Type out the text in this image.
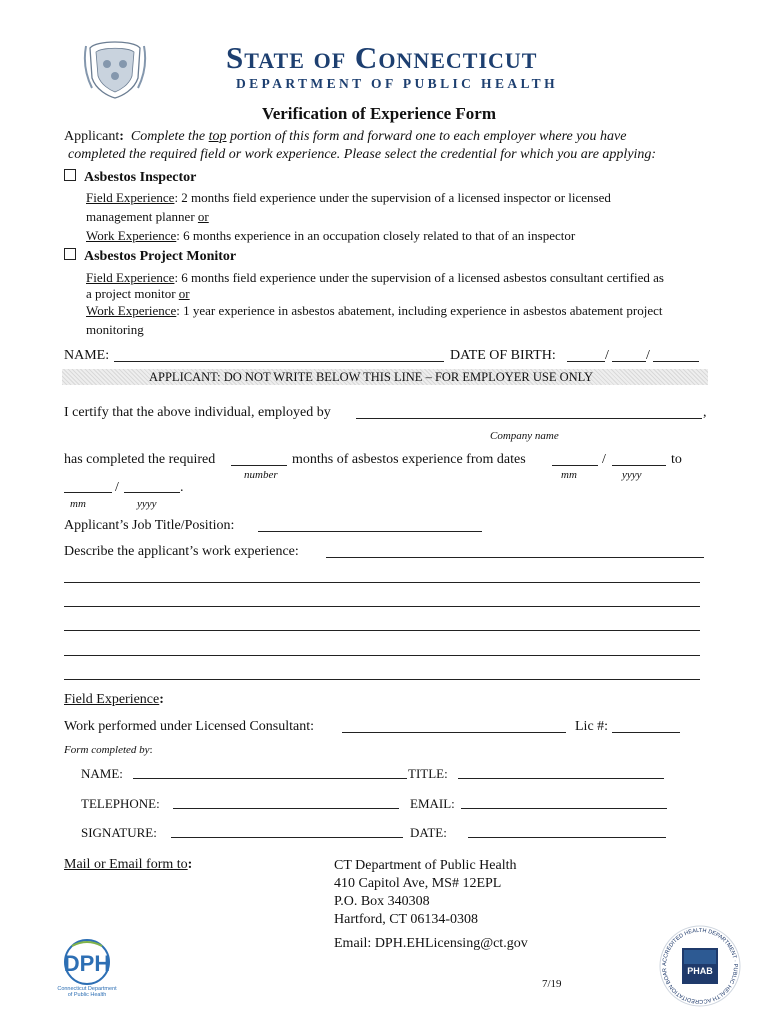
State of Connecticut
DEPARTMENT OF PUBLIC HEALTH
Verification of Experience Form
Applicant: Complete the top portion of this form and forward one to each employer where you have
completed the required field or work experience. Please select the credential for which you are applying:
Asbestos Inspector
Field Experience: 2 months field experience under the supervision of a licensed inspector or licensed
management planner or
Work Experience: 6 months experience in an occupation closely related to that of an inspector
Asbestos Project Monitor
Field Experience: 6 months field experience under the supervision of a licensed asbestos consultant certified as
a project monitor or
Work Experience: 1 year experience in asbestos abatement, including experience in asbestos abatement project
monitoring
NAME:	DATE OF BIRTH:	/	/
APPLICANT: DO NOT WRITE BELOW THIS LINE – FOR EMPLOYER USE ONLY
I certify that the above individual, employed by	,
Company name
has completed the required	months of asbestos experience from dates	/	to
number	mm	yyyy
/	.
mm	yyyy
Applicant’s Job Title/Position:
Describe the applicant’s work experience:
Field Experience:
Work performed under Licensed Consultant:	Lic #:
Form completed by:
NAME:	TITLE:
TELEPHONE:	EMAIL:
SIGNATURE:	DATE:
Mail or Email form to:	CT Department of Public Health
410 Capitol Ave, MS# 12EPL
P.O. Box 340308
Hartford, CT 06134-0308
Email: DPH.EHLicensing@ct.gov
7/19
DPH
Connecticut Department of Public Health
ACCREDITED HEALTH DEPARTMENT · PUBLIC HEALTH ACCREDITATION BOAR	PHAB
